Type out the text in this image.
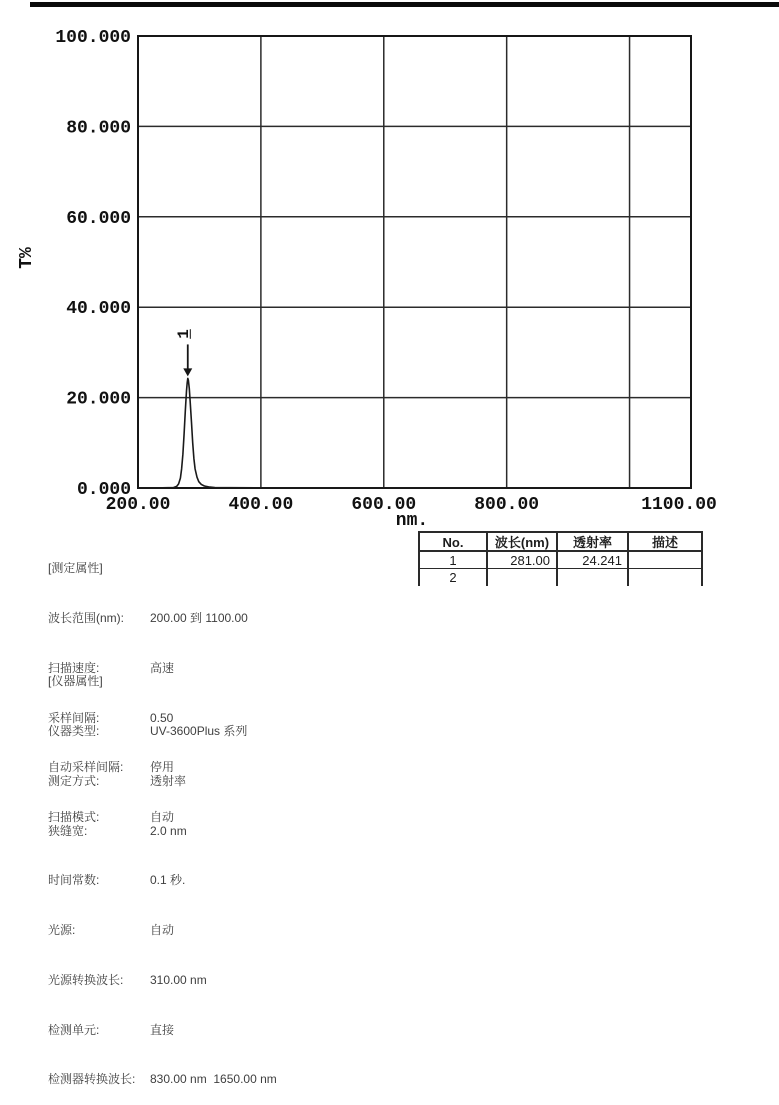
0.000
20.000
40.000
60.000
80.000
100.000
200.00	400.00	600.00	800.00	1100.00
T%
nm.
1

[测定属性]

波长范围(nm):	200.00 到 1100.00

扫描速度:	高速

采样间隔:	0.50

自动采样间隔:	停用

扫描模式:	自动

[仪器属性]

仪器类型:	UV-3600Plus 系列

测定方式:	透射率

狭缝宽:	2.0 nm

时间常数:	0.1 秒.

光源:	自动

光源转换波长:	310.00 nm

检测单元:	直接

检测器转换波长:	830.00 nm  1650.00 nm

No.	波长(nm)	透射率	描述
1	281.00	24.241
2
